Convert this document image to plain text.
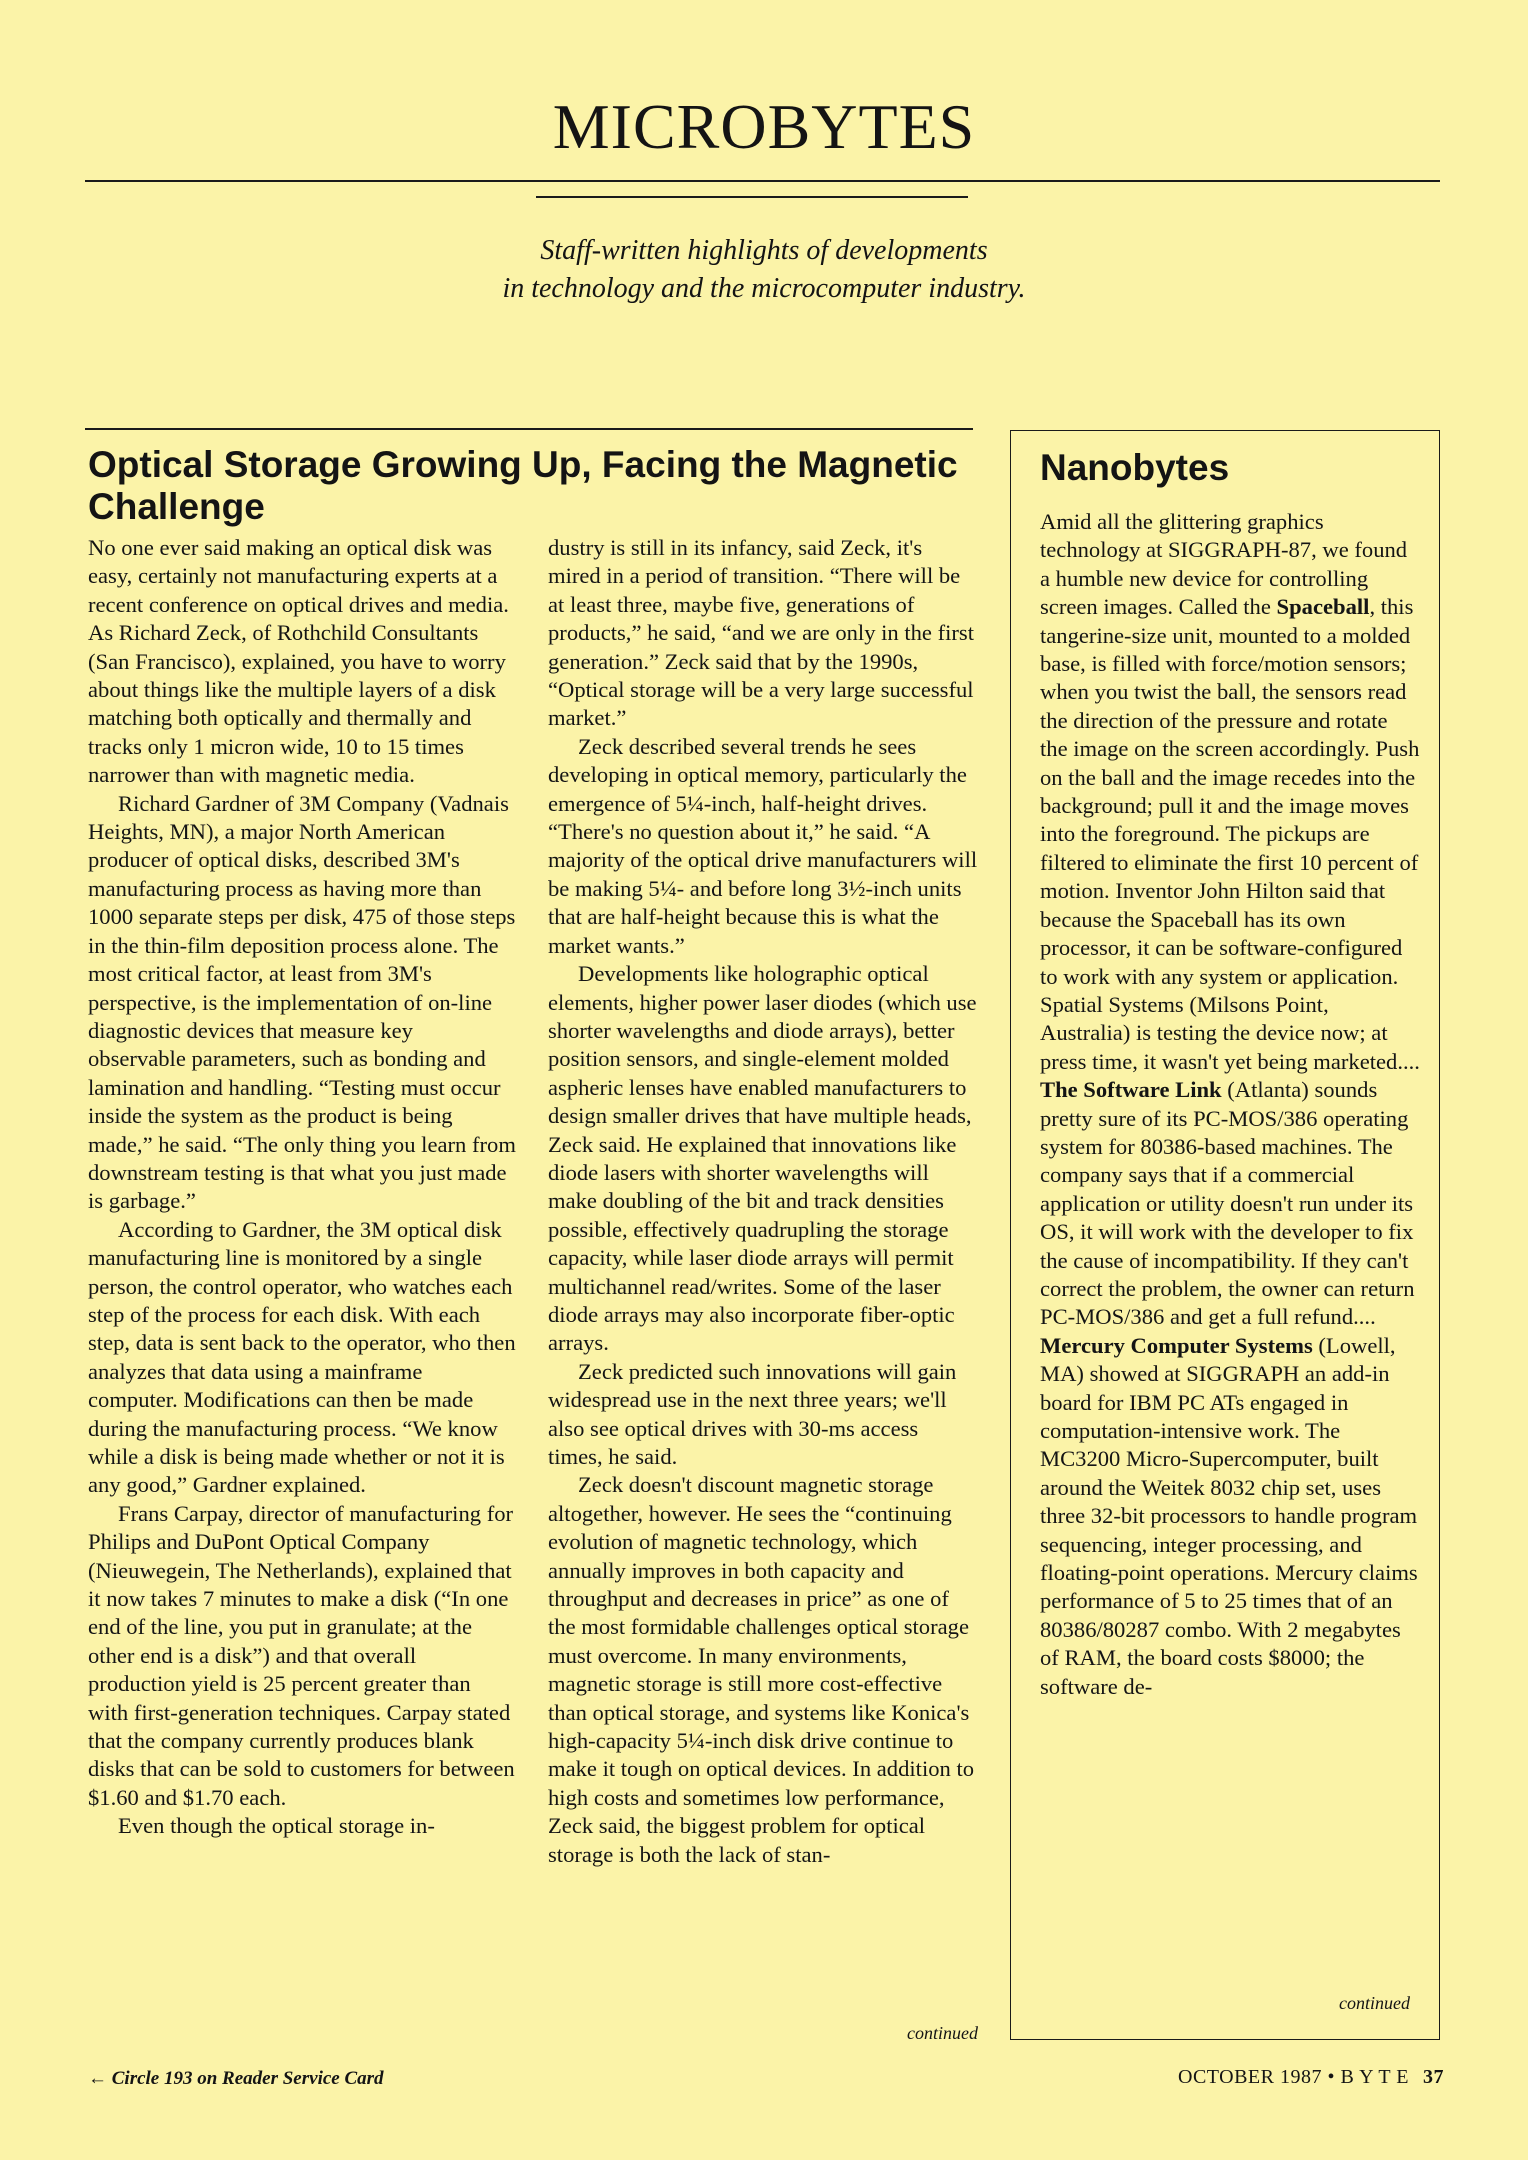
MICROBYTES
Staff-written highlights of developments
in technology and the microcomputer industry.
Optical Storage Growing Up, Facing the Magnetic Challenge

No one ever said making an optical disk was easy, certainly not manufacturing experts at a recent conference on optical drives and media. As Richard Zeck, of Rothchild Consultants (San Francisco), explained, you have to worry about things like the multiple layers of a disk matching both optically and thermally and tracks only 1 micron wide, 10 to 15 times narrower than with magnetic media.

Richard Gardner of 3M Company (Vadnais Heights, MN), a major North American producer of optical disks, described 3M's manufacturing process as having more than 1000 separate steps per disk, 475 of those steps in the thin-film deposition process alone. The most critical factor, at least from 3M's perspective, is the implementation of on-line diagnostic devices that measure key observable parameters, such as bonding and lamination and handling. “Testing must occur inside the system as the product is being made,” he said. “The only thing you learn from downstream testing is that what you just made is garbage.”

According to Gardner, the 3M optical disk manufacturing line is monitored by a single person, the control operator, who watches each step of the process for each disk. With each step, data is sent back to the operator, who then analyzes that data using a mainframe computer. Modifications can then be made during the manufacturing process. “We know while a disk is being made whether or not it is any good,” Gardner explained.

Frans Carpay, director of manufacturing for Philips and DuPont Optical Company (Nieuwegein, The Netherlands), explained that it now takes 7 minutes to make a disk (“In one end of the line, you put in granulate; at the other end is a disk”) and that overall production yield is 25 percent greater than with first-generation techniques. Carpay stated that the company currently produces blank disks that can be sold to customers for between $1.60 and $1.70 each.

Even though the optical storage in-

dustry is still in its infancy, said Zeck, it's mired in a period of transition. “There will be at least three, maybe five, generations of products,” he said, “and we are only in the first generation.” Zeck said that by the 1990s, “Optical storage will be a very large successful market.”

Zeck described several trends he sees developing in optical memory, particularly the emergence of 5¼-inch, half-height drives. “There's no question about it,” he said. “A majority of the optical drive manufacturers will be making 5¼- and before long 3½-inch units that are half-height because this is what the market wants.”

Developments like holographic optical elements, higher power laser diodes (which use shorter wavelengths and diode arrays), better position sensors, and single-element molded aspheric lenses have enabled manufacturers to design smaller drives that have multiple heads, Zeck said. He explained that innovations like diode lasers with shorter wavelengths will make doubling of the bit and track densities possible, effectively quadrupling the storage capacity, while laser diode arrays will permit multichannel read/writes. Some of the laser diode arrays may also incorporate fiber-optic arrays.

Zeck predicted such innovations will gain widespread use in the next three years; we'll also see optical drives with 30-ms access times, he said.

Zeck doesn't discount magnetic storage altogether, however. He sees the “continuing evolution of magnetic technology, which annually improves in both capacity and throughput and decreases in price” as one of the most formidable challenges optical storage must overcome. In many environments, magnetic storage is still more cost-effective than optical storage, and systems like Konica's high-capacity 5¼-inch disk drive continue to make it tough on optical devices. In addition to high costs and sometimes low performance, Zeck said, the biggest problem for optical storage is both the lack of stan-

continued
Nanobytes

Amid all the glittering graphics technology at SIGGRAPH-87, we found a humble new device for controlling screen images. Called the Spaceball, this tangerine-size unit, mounted to a molded base, is filled with force/motion sensors; when you twist the ball, the sensors read the direction of the pressure and rotate the image on the screen accordingly. Push on the ball and the image recedes into the background; pull it and the image moves into the foreground. The pickups are filtered to eliminate the first 10 percent of motion. Inventor John Hilton said that because the Spaceball has its own processor, it can be software-configured to work with any system or application. Spatial Systems (Milsons Point, Australia) is testing the device now; at press time, it wasn't yet being marketed.... The Software Link (Atlanta) sounds pretty sure of its PC-MOS/386 operating system for 80386-based machines. The company says that if a commercial application or utility doesn't run under its OS, it will work with the developer to fix the cause of incompatibility. If they can't correct the problem, the owner can return PC-MOS/386 and get a full refund.... Mercury Computer Systems (Lowell, MA) showed at SIGGRAPH an add-in board for IBM PC ATs engaged in computation-intensive work. The MC3200 Micro-Supercomputer, built around the Weitek 8032 chip set, uses three 32-bit processors to handle program sequencing, integer processing, and floating-point operations. Mercury claims performance of 5 to 25 times that of an 80386/80287 combo. With 2 megabytes of RAM, the board costs $8000; the software de-

continued
← Circle 193 on Reader Service Card	OCTOBER 1987 • B Y T E 37
